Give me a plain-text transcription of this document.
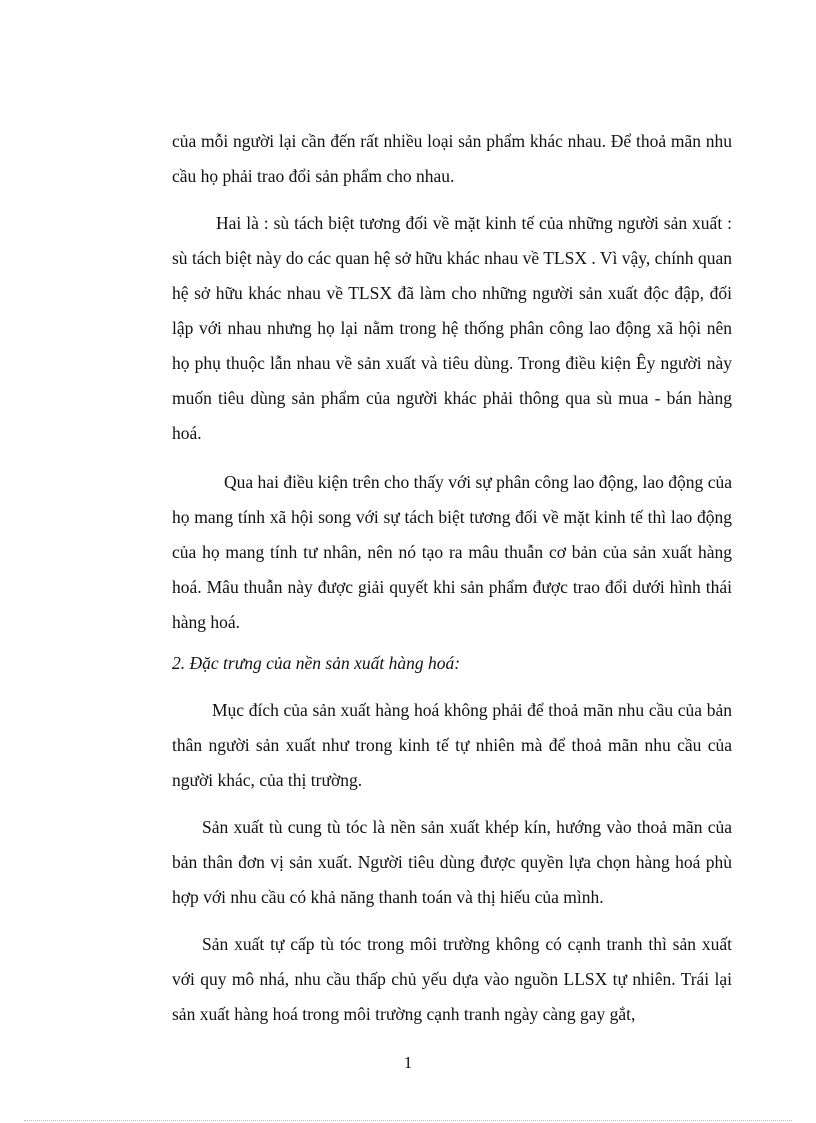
của mỗi người lại cần đến rất nhiều loại sản phẩm khác nhau. Để thoả mãn nhu cầu họ phải trao đổi sản phẩm cho nhau.

Hai là : sù tách biệt tương đối về mặt kinh tế của những người sản xuất : sù tách biệt này do các quan hệ sở hữu khác nhau về TLSX . Vì vậy, chính quan hệ sở hữu khác nhau về TLSX đã làm cho những người sản xuất độc đập, đối lập với nhau nhưng họ lại nằm trong hệ thống phân công lao động xã hội nên họ phụ thuộc lẫn nhau về sản xuất và tiêu dùng. Trong điều kiện Êy người này muốn tiêu dùng sản phẩm của người khác phải thông qua sù mua - bán hàng hoá.

Qua hai điều kiện trên cho thấy với sự phân công lao động, lao động của họ mang tính xã hội song với sự tách biệt tương đối về mặt kinh tế thì lao động của họ mang tính tư nhân, nên nó tạo ra mâu thuẫn cơ bản của sản xuất hàng hoá. Mâu thuẫn này được giải quyết khi sản phẩm được trao đổi dưới hình thái hàng hoá.

2. Đặc trưng của nền sản xuất hàng hoá:

Mục đích của sản xuất hàng hoá không phải để thoả mãn nhu cầu của bản thân người sản xuất như trong kinh tế tự nhiên mà để thoả mãn nhu cầu của người khác, của thị trường.

Sản xuất tù cung tù tóc là nền sản xuất khép kín, hướng vào thoả mãn của bản thân đơn vị sản xuất. Người tiêu dùng được quyền lựa chọn hàng hoá phù hợp với nhu cầu có khả năng thanh toán và thị hiếu của mình.

Sản xuất tự cấp tù tóc trong môi trường không có cạnh tranh thì sản xuất với quy mô nhá, nhu cầu thấp chủ yếu dựa vào nguồn LLSX tự nhiên. Trái lại sản xuất hàng hoá trong môi trường cạnh tranh ngày càng gay gắt,

1
